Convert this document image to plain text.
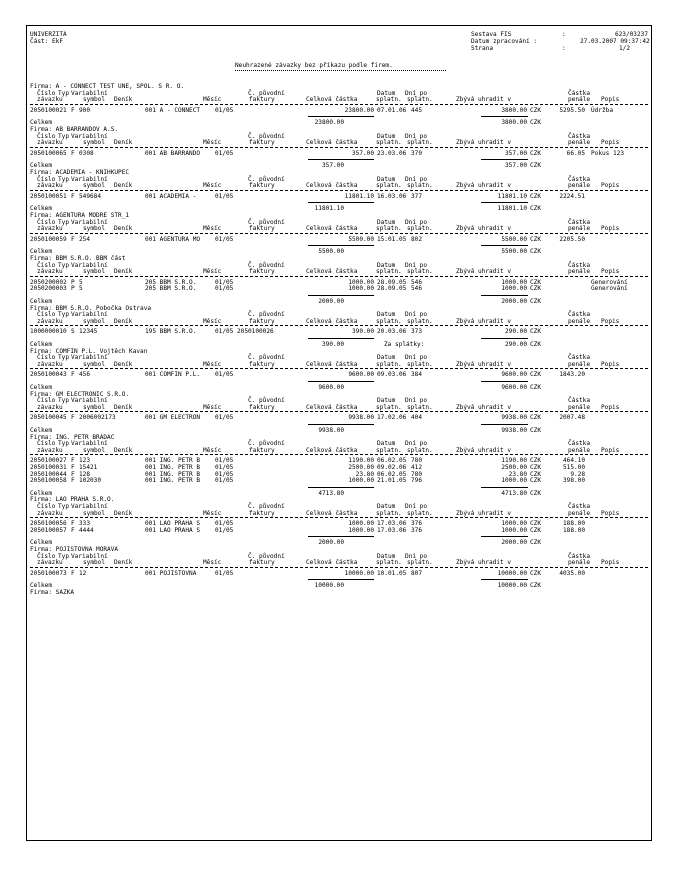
UNIVERZITA
Část: EkF
Sestava FIS	:	623/03237
Datum zpracování :	27.03.2007 09:37:42
Strana	:	1/2
Neuhrazené závazky bez příkazu podle firem.
Firma: A - CONNECT TEST UNE, SPOL. S R. O.
Číslo Typ Variabilní	Č. původní	Datum Dní po	Částka
závazku	symbol Deník	Měsíc	faktury	Celková částka	splatn. splatn.	Zbývá uhradit v	penále Popis
2050100021 F 900	001 A - CONNECT 01/05	23800.00 07.01.06 445	3800.00 CZK	5295.50 Údržba
Celkem	23800.00	3800.00 CZK
Firma: AB BARRANDOV A.S.
Číslo Typ Variabilní	Č. původní	Datum Dní po	Částka
závazku	symbol Deník	Měsíc	faktury	Celková částka	splatn. splatn.	Zbývá uhradit v	penále Popis
2050100065 F 0308	001 AB BARRANDO 01/05	357.00 23.03.06 370	357.00 CZK	66.05 Pokus 123
Celkem	357.00	357.00 CZK
Firma: ACADEMIA - KNIHKUPEC
Číslo Typ Variabilní	Č. původní	Datum Dní po	Částka
závazku	symbol Deník	Měsíc	faktury	Celková částka	splatn. splatn.	Zbývá uhradit v	penále Popis
2050100051 F 549684	001 ACADEMIA -	01/05	11801.10 16.03.06 377	11801.10 CZK	2224.51
Celkem	11801.10	11801.10 CZK
Firma: AGENTURA MODRE STR_1
Číslo Typ Variabilní	Č. původní	Datum Dní po	Částka
závazku	symbol Deník	Měsíc	faktury	Celková částka	splatn. splatn.	Zbývá uhradit v	penále Popis
2050100059 F 254	001 AGENTURA MO 01/05	5500.00 15.01.05 802	5500.00 CZK	2205.50
Celkem	5500.00	5500.00 CZK
Firma: BBM S.R.O. BBM část
Číslo Typ Variabilní	Č. původní	Datum Dní po	Částka
závazku	symbol Deník	Měsíc	faktury	Celková částka	splatn. splatn.	Zbývá uhradit v	penále Popis
2050200002 P 5	205 BBM S.R.O.	01/05	1000.00 28.09.05 546	1000.00 CZK	Generování
2050200003 P 5	205 BBM S.R.O.	01/05	1000.00 28.09.05 546	1000.00 CZK	Generování
Celkem	2000.00	2000.00 CZK
Firma: BBM S.R.O. Pobočka Ostrava
Číslo Typ Variabilní	Č. původní	Datum Dní po	Částka
závazku	symbol Deník	Měsíc	faktury	Celková částka	splatn. splatn.	Zbývá uhradit v	penále Popis
1000000010 S 12345	195 BBM S.R.O.	01/05 2050100026	390.00 20.03.06 373	290.00 CZK
Celkem	390.00	Za splátky:	290.00 CZK
Firma: COMFIN P.L. Vojtěch Kavan
Číslo Typ Variabilní	Č. původní	Datum Dní po	Částka
závazku	symbol Deník	Měsíc	faktury	Celková částka	splatn. splatn.	Zbývá uhradit v	penále Popis
2050100043 F 456	001 COMFIN P.L. 01/05	9600.00 09.03.06 384	9600.00 CZK	1843.20
Celkem	9600.00	9600.00 CZK
Firma: GM ELECTRONIC S.R.O.
Číslo Typ Variabilní	Č. původní	Datum Dní po	Částka
závazku	symbol Deník	Měsíc	faktury	Celková částka	splatn. splatn.	Zbývá uhradit v	penále Popis
2050100045 F 2006002173	001 GM ELECTRON 01/05	9938.00 17.02.06 404	9938.00 CZK	2007.48
Celkem	9938.00	9938.00 CZK
Firma: ING. PETR BRADAC
Číslo Typ Variabilní	Č. původní	Datum Dní po	Částka
závazku	symbol Deník	Měsíc	faktury	Celková částka	splatn. splatn.	Zbývá uhradit v	penále Popis
2050100027 F 123	001 ING. PETR B 01/05	1190.00 06.02.05 780	1190.00 CZK	464.10
2050100031 F 15421	001 ING. PETR B 01/05	2500.00 09.02.06 412	2500.00 CZK	515.00
2050100044 F 128	001 ING. PETR B 01/05	23.80 06.02.05 780	23.80 CZK	9.28
2050100058 F 102030	001 ING. PETR B 01/05	1000.00 21.01.05 796	1000.00 CZK	398.00
Celkem	4713.80	4713.80 CZK
Firma: LAO PRAHA S.R.O.
Číslo Typ Variabilní	Č. původní	Datum Dní po	Částka
závazku	symbol Deník	Měsíc	faktury	Celková částka	splatn. splatn.	Zbývá uhradit v	penále Popis
2050100056 F 333	001 LAO PRAHA S 01/05	1000.00 17.03.06 376	1000.00 CZK	188.00
2050100057 F 4444	001 LAO PRAHA S 01/05	1000.00 17.03.06 376	1000.00 CZK	188.00
Celkem	2000.00	2000.00 CZK
Firma: POJISTOVNA MORAVA
Číslo Typ Variabilní	Č. původní	Datum Dní po	Částka
závazku	symbol Deník	Měsíc	faktury	Celková částka	splatn. splatn.	Zbývá uhradit v	penále Popis
2050100073 F 12	001 POJISTOVNA	01/05	10000.00 10.01.05 807	10000.00 CZK	4035.00
Celkem	10000.00	10000.00 CZK
Firma: SAZKA
